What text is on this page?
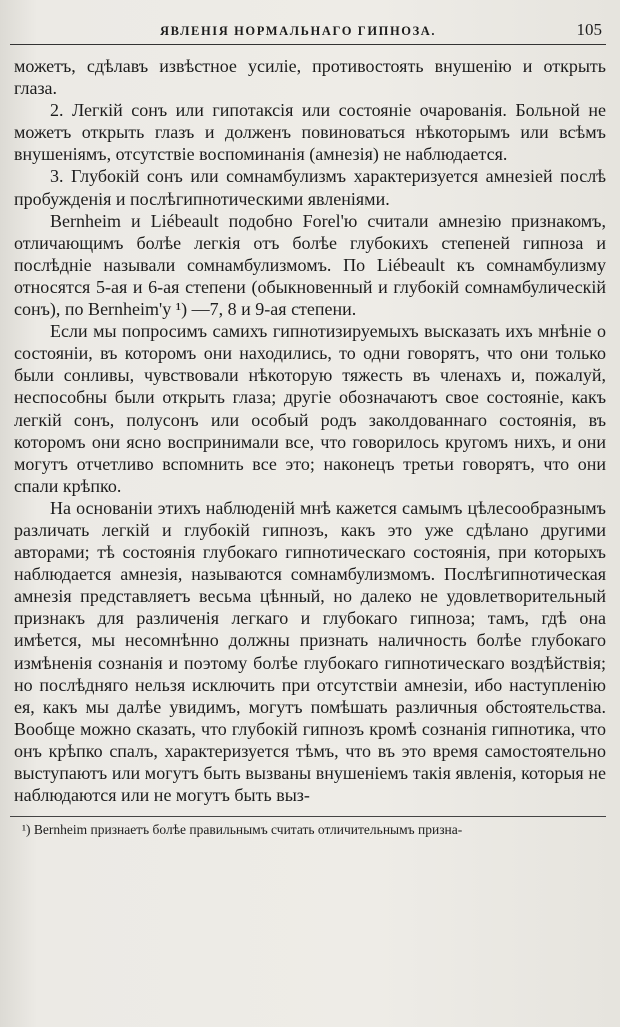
ЯВЛЕНІЯ НОРМАЛЬНАГО ГИПНОЗА.	105

можетъ, сдѣлавъ извѣстное усиліе, противостоять внушенію и открыть глаза.

2. Легкій сонъ или гипотаксія или состояніе очарованія. Больной не можетъ открыть глазъ и долженъ повиноваться нѣкоторымъ или всѣмъ внушеніямъ, отсутствіе воспоминанія (амнезія) не наблюдается.

3. Глубокій сонъ или сомнамбулизмъ характеризуется амнезіей послѣ пробужденія и послѣгипнотическими явленіями.

Bernheim и Liébeault подобно Forel'ю считали амнезію признакомъ, отличающимъ болѣе легкія отъ болѣе глубокихъ степеней гипноза и послѣдніе называли сомнамбулизмомъ. По Liébeault къ сомнамбулизму относятся 5-ая и 6-ая степени (обыкновенный и глубокій сомнамбулическій сонъ), по Bernheim'у ¹) —7, 8 и 9-ая степени.

Если мы попросимъ самихъ гипнотизируемыхъ высказать ихъ мнѣніе о состояніи, въ которомъ они находились, то одни говорятъ, что они только были сонливы, чувствовали нѣкоторую тяжесть въ членахъ и, пожалуй, неспособны были открыть глаза; другіе обозначаютъ свое состояніе, какъ легкій сонъ, полусонъ или особый родъ заколдованнаго состоянія, въ которомъ они ясно воспринимали все, что говорилось кругомъ нихъ, и они могутъ отчетливо вспомнить все это; наконецъ третьи говорятъ, что они спали крѣпко.

На основаніи этихъ наблюденій мнѣ кажется самымъ цѣлесообразнымъ различать легкій и глубокій гипнозъ, какъ это уже сдѣлано другими авторами; тѣ состоянія глубокаго гипнотическаго состоянія, при которыхъ наблюдается амнезія, называются сомнамбулизмомъ. Послѣгипнотическая амнезія представляетъ весьма цѣнный, но далеко не удовлетворительный признакъ для различенія легкаго и глубокаго гипноза; тамъ, гдѣ она имѣется, мы несомнѣнно должны признать наличность болѣе глубокаго измѣненія сознанія и поэтому болѣе глубокаго гипнотическаго воздѣйствія; но послѣдняго нельзя исключить при отсутствіи амнезіи, ибо наступленію ея, какъ мы далѣе увидимъ, могутъ помѣшать различныя обстоятельства. Вообще можно сказать, что глубокій гипнозъ кромѣ сознанія гипнотика, что онъ крѣпко спалъ, характеризуется тѣмъ, что въ это время самостоятельно выступаютъ или могутъ быть вызваны внушеніемъ такія явленія, которыя не наблюдаются или не могутъ быть выз-

¹) Bernheim признаетъ болѣе правильнымъ считать отличительнымъ призна-
